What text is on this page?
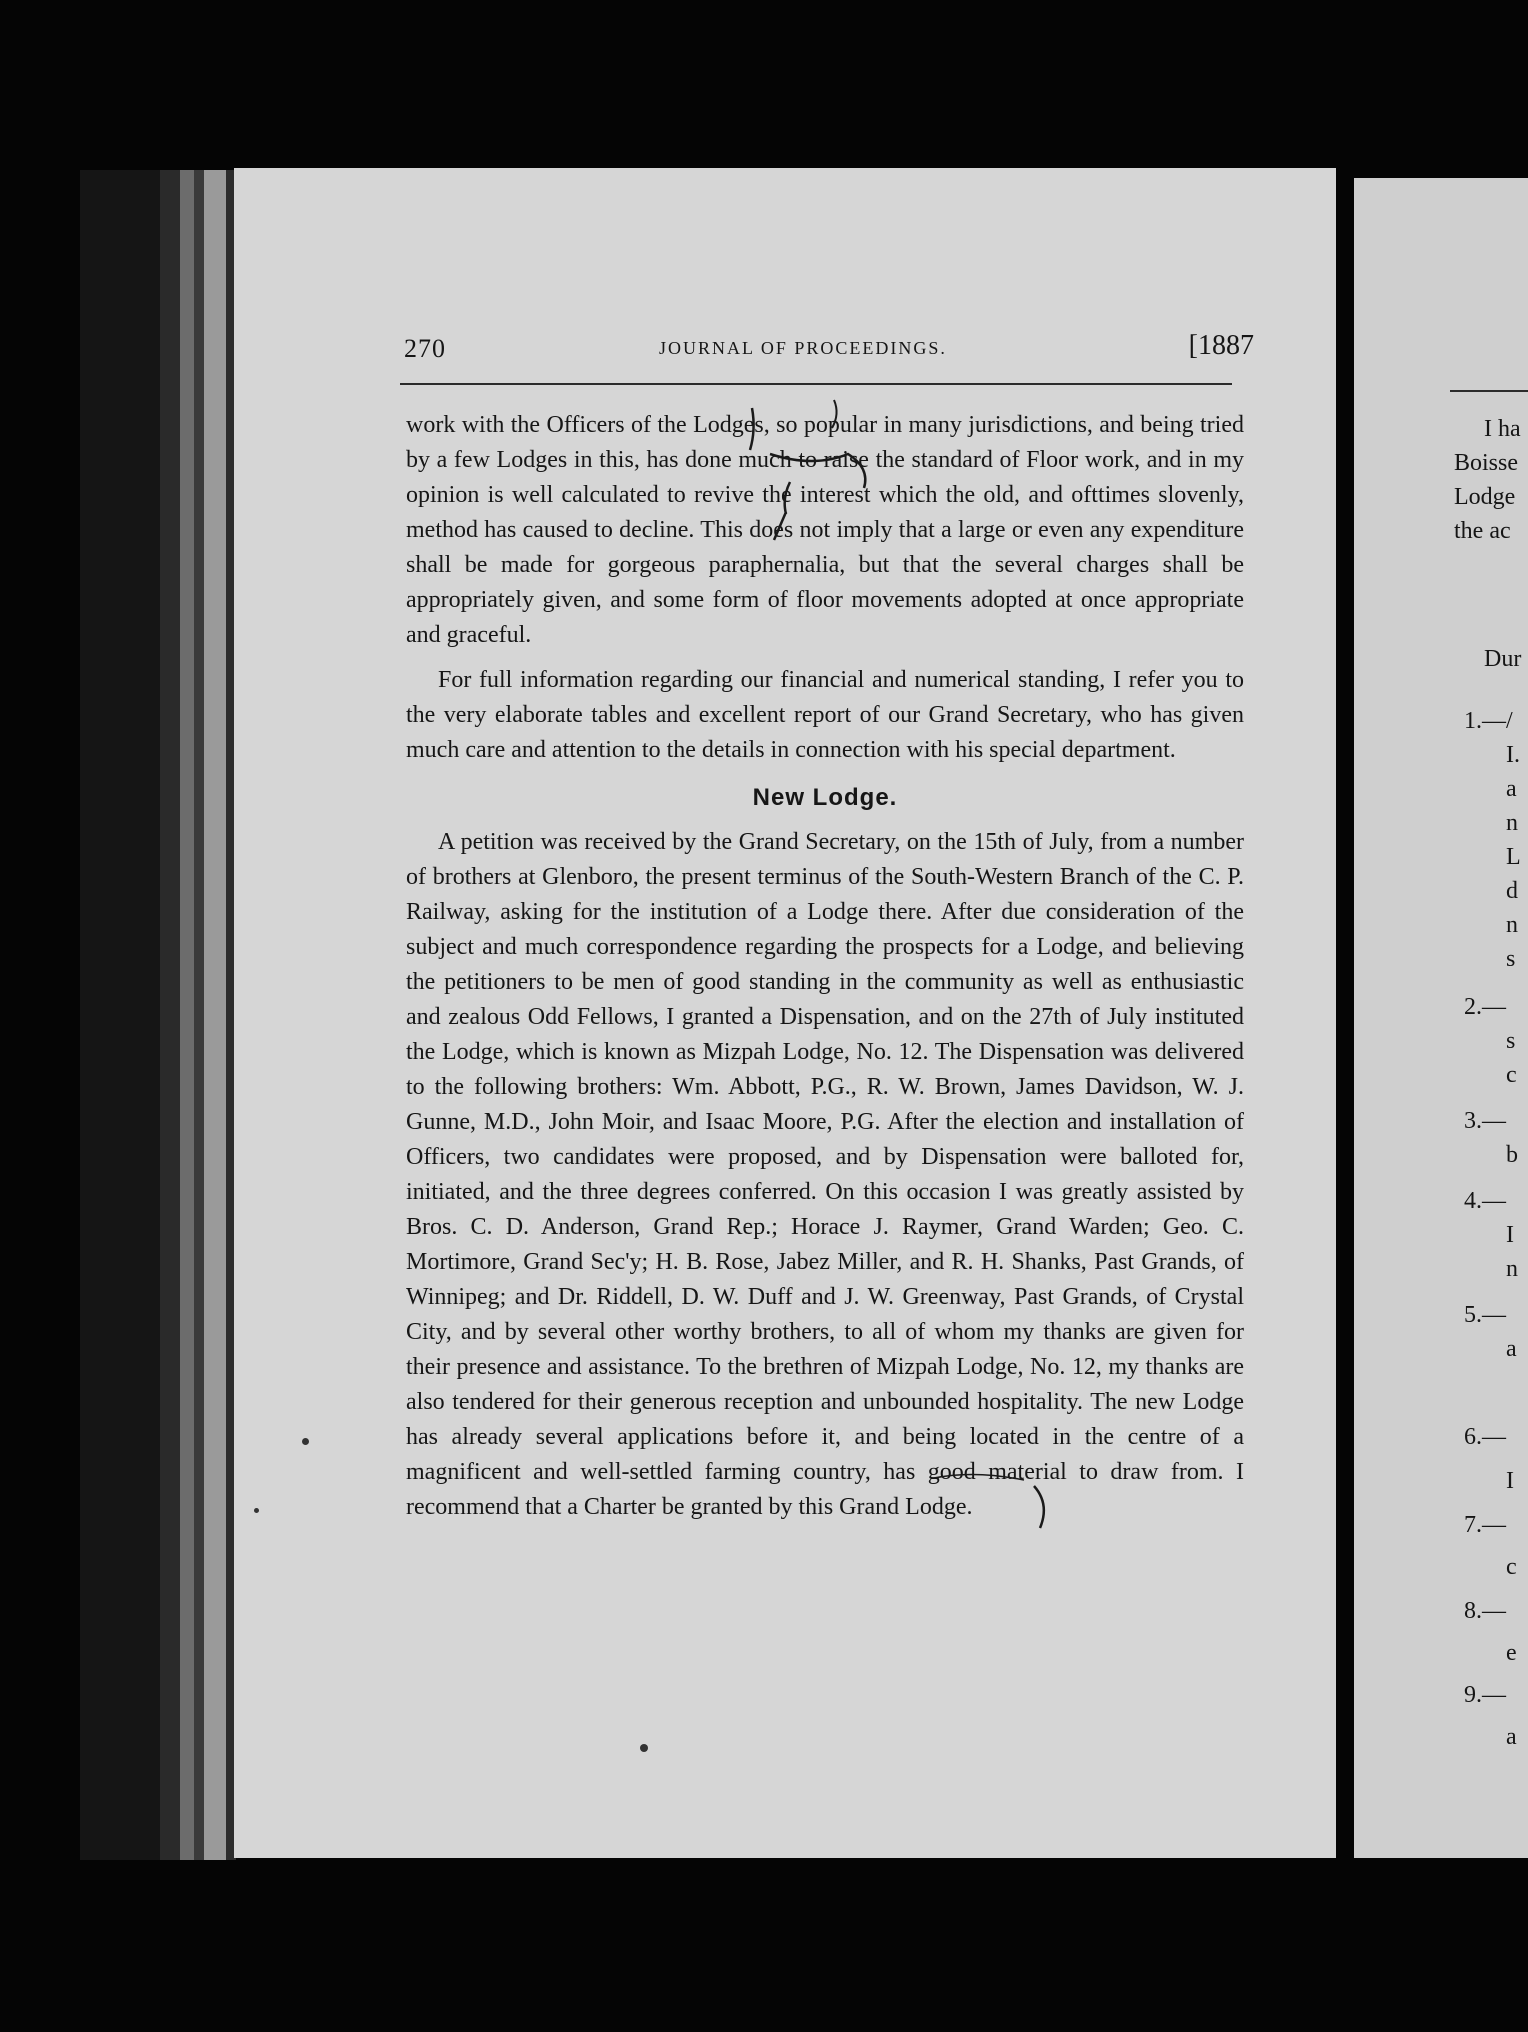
270	JOURNAL OF PROCEEDINGS.	[1887

work with the Officers of the Lodges, so popular in many jurisdictions, and being tried by a few Lodges in this, has done much to raise the standard of Floor work, and in my opinion is well calculated to revive the interest which the old, and ofttimes slovenly, method has caused to decline. This does not imply that a large or even any expenditure shall be made for gorgeous paraphernalia, but that the several charges shall be appropriately given, and some form of floor movements adopted at once appropriate and graceful.

For full information regarding our financial and numerical standing, I refer you to the very elaborate tables and excellent report of our Grand Secretary, who has given much care and attention to the details in connection with his special department.

New Lodge.

A petition was received by the Grand Secretary, on the 15th of July, from a number of brothers at Glenboro, the present terminus of the South-Western Branch of the C. P. Railway, asking for the institution of a Lodge there. After due consideration of the subject and much correspondence regarding the prospects for a Lodge, and believing the petitioners to be men of good standing in the community as well as enthusiastic and zealous Odd Fellows, I granted a Dispensation, and on the 27th of July instituted the Lodge, which is known as Mizpah Lodge, No. 12. The Dispensation was delivered to the following brothers: Wm. Abbott, P.G., R. W. Brown, James Davidson, W. J. Gunne, M.D., John Moir, and Isaac Moore, P.G. After the election and installation of Officers, two candidates were proposed, and by Dispensation were balloted for, initiated, and the three degrees conferred. On this occasion I was greatly assisted by Bros. C. D. Anderson, Grand Rep.; Horace J. Raymer, Grand Warden; Geo. C. Mortimore, Grand Sec'y; H. B. Rose, Jabez Miller, and R. H. Shanks, Past Grands, of Winnipeg; and Dr. Riddell, D. W. Duff and J. W. Greenway, Past Grands, of Crystal City, and by several other worthy brothers, to all of whom my thanks are given for their presence and assistance. To the brethren of Mizpah Lodge, No. 12, my thanks are also tendered for their generous reception and unbounded hospitality. The new Lodge has already several applications before it, and being located in the centre of a magnificent and well-settled farming country, has good material to draw from. I recommend that a Charter be granted by this Grand Lodge.

I ha
Boisse
Lodge
the ac
Dur
1.—/
I.
a
n
L
d
n
s
2.—
s
c
3.—
b
4.—
I
n
5.—
a
6.—
I
7.—
c
8.—
e
9.—
a
